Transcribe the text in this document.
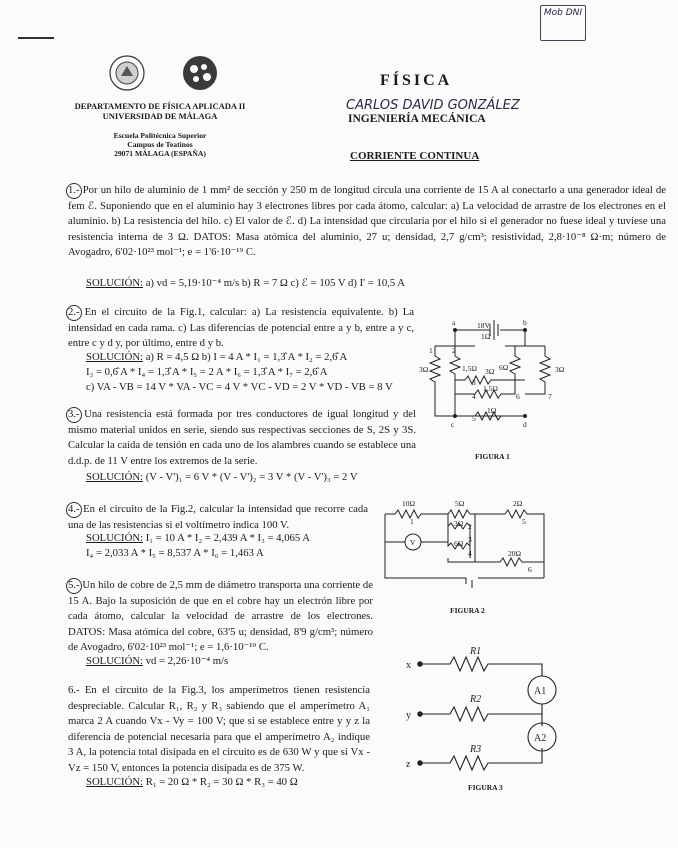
Mob DNI
CARLOS DAVID GONZÁLEZ
DEPARTAMENTO DE FÍSICA APLICADA II
UNIVERSIDAD DE MÁLAGA
Escuela Politécnica Superior
Campus de Teatinos
29071 MÁLAGA (ESPAÑA)
FÍSICA
INGENIERÍA MECÁNICA
CORRIENTE CONTINUA
1.- Por un hilo de aluminio de 1 mm² de sección y 250 m de longitud circula una corriente de 15 A al conectarlo a una generador ideal de fem ℰ. Suponiendo que en el aluminio hay 3 electrones libres por cada átomo, calcular: a) La velocidad de arrastre de los electrones en el aluminio. b) La resistencia del hilo. c) El valor de ℰ. d) La intensidad que circularía por el hilo si el generador no fuese ideal y tuviese una resistencia interna de 3 Ω. DATOS: Masa atómica del aluminio, 27 u; densidad, 2,7 g/cm³; resistividad, 2,8·10⁻⁸ Ω·m; número de Avogadro, 6'02·10²³ mol⁻¹; e = 1'6·10⁻¹⁹ C.
SOLUCIÓN: a) vd = 5,19·10⁻⁴ m/s b) R = 7 Ω c) ℰ = 105 V d) I' = 10,5 A
2.- En el circuito de la Fig.1, calcular: a) La resistencia equivalente. b) La intensidad en cada rama. c) Las diferencias de potencial entre a y b, entre a y c, entre c y d y, por último, entre d y b.
SOLUCIÓN: a) R = 4,5 Ω b) I = 4 A * I₁ = 1,3̂ A * I₂ = 2,6̂ A
I₃ = 0,6̂ A * I₄ = 1,3̂ A * I₅ = 2 A * I₆ = 1,3̂ A * I₇ = 2,6̂ A
c) VA - VB = 14 V * VA - VC = 4 V * VC - VD = 2 V * VD - VB = 8 V
3.- Una resistencia está formada por tres conductores de igual longitud y del mismo material unidos en serie, siendo sus respectivas secciones de S, 2S y 3S. Calcular la caída de tensión en cada uno de los alambres cuando se establece una d.d.p. de 11 V entre los extremos de la serie.
SOLUCIÓN: (V - V')₁ = 6 V * (V - V')₂ = 3 V * (V - V')₃ = 2 V
4.- En el circuito de la Fig.2, calcular la intensidad que recorre cada una de las resistencias si el voltímetro indica 100 V.
SOLUCIÓN: I₁ = 10 A * I₂ = 2,439 A * I₃ = 4,065 A
I₄ = 2,033 A * I₅ = 8,537 A * I₆ = 1,463 A
5.- Un hilo de cobre de 2,5 mm de diámetro transporta una corriente de 15 A. Bajo la suposición de que en el cobre hay un electrón libre por cada átomo, calcular la velocidad de arrastre de los electrones. DATOS: Masa atómica del cobre, 63'5 u; densidad, 8'9 g/cm³; número de Avogadro, 6'02·10²³ mol⁻¹; e = 1,6·10⁻¹⁹ C.
SOLUCIÓN: vd = 2,26·10⁻⁴ m/s
6.- En el circuito de la Fig.3, los amperímetros tienen resistencia despreciable. Calcular R₁, R₂ y R₃ sabiendo que el amperímetro A₁ marca 2 A cuando Vx - Vy = 100 V; que si se establece entre y y z la diferencia de potencial necesaria para que el amperímetro A₂ indique 3 A, la potencia total disipada en el circuito es de 630 W y que si Vx - Vz = 150 V, entonces la potencia disipada es de 375 W.
SOLUCIÓN: R₁ = 20 Ω * R₂ = 30 Ω * R₃ = 40 Ω
a	b
c	d
18V
1Ω
3Ω	1,5Ω 3Ω 6Ω	3Ω
1,5Ω
1Ω
1	2
3
4
5
6	7
FIGURA 1
10Ω	5Ω	2Ω
3Ω
6Ω
20Ω
V
1
2
3
4
5
6
FIGURA 2
x
y
z
R1
R2
R3
A1
A2
FIGURA 3
